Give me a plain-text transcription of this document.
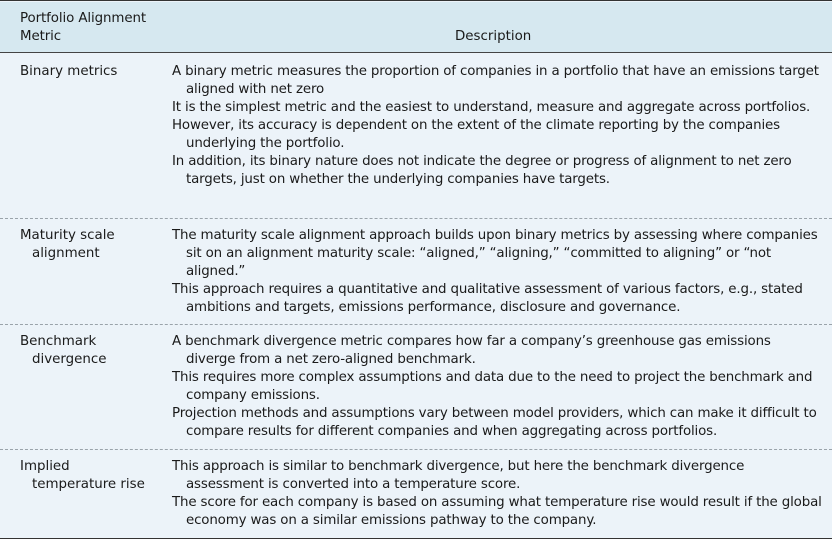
Portfolio Alignment Metric	Description
Binary metrics	A binary metric measures the proportion of companies in a portfolio that have an emissions target aligned with net zero

It is the simplest metric and the easiest to understand, measure and aggregate across portfolios.

However, its accuracy is dependent on the extent of the climate reporting by the companies underlying the portfolio.

In addition, its binary nature does not indicate the degree or progress of alignment to net zero targets, just on whether the underlying companies have targets.

Maturity scale
alignment

The maturity scale alignment approach builds upon binary metrics by assessing where companies sit on an alignment maturity scale: “aligned,” “aligning,” “committed to aligning” or “not aligned.”

This approach requires a quantitative and qualitative assessment of various factors, e.g., stated ambitions and targets, emissions performance, disclosure and governance.

Benchmark
divergence

A benchmark divergence metric compares how far a company’s greenhouse gas emissions diverge from a net zero-aligned benchmark.

This requires more complex assumptions and data due to the need to project the benchmark and company emissions.

Projection methods and assumptions vary between model providers, which can make it difficult to compare results for different companies and when aggregating across portfolios.

Implied
temperature rise

This approach is similar to benchmark divergence, but here the benchmark divergence assessment is converted into a temperature score.

The score for each company is based on assuming what temperature rise would result if the global economy was on a similar emissions pathway to the company.
